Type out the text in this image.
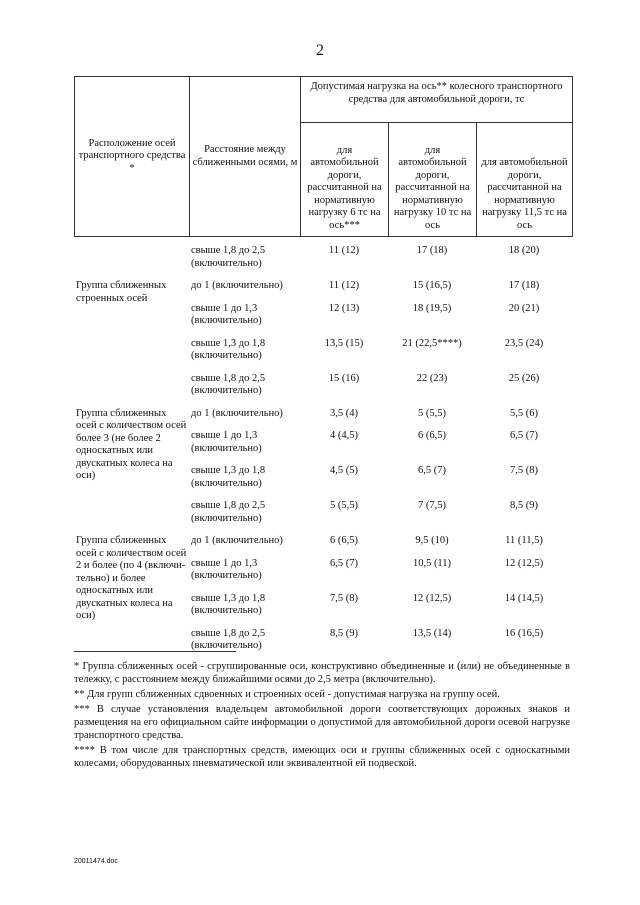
2
Расположение осей транспортного средства *	Расстояние между сближенными осями, м	Допустимая нагрузка на ось** колесного транспортного средства для автомобильной дороги, тс		
		для автомобильной дороги, рассчитанной на нормативную нагрузку 6 тс на ось***	для автомобильной дороги, рассчитанной на нормативную нагрузку 10 тс на ось	для автомобильной дороги, рассчитанной на нормативную нагрузку 11,5 тс на ось
	свыше 1,8 до 2,5 (включительно)	11 (12)	17 (18)	18 (20)
Группа сближенных строенных осей	до 1 (включительно)	11 (12)	15 (16,5)	17 (18)
	свыше 1 до 1,3 (включительно)	12 (13)	18 (19,5)	20 (21)
	свыше 1,3 до 1,8 (включительно)	13,5 (15)	21 (22,5****)	23,5 (24)
	свыше 1,8 до 2,5 (включительно)	15 (16)	22 (23)	25 (26)
Группа сближенных осей с количеством осей более 3 (не более 2 односкатных или двускатных колеса на оси)	до 1 (включительно)	3,5 (4)	5 (5,5)	5,5 (6)
	свыше 1 до 1,3 (включительно)	4 (4,5)	6 (6,5)	6,5 (7)
	свыше 1,3 до 1,8 (включительно)	4,5 (5)	6,5 (7)	7,5 (8)
	свыше 1,8 до 2,5 (включительно)	5 (5,5)	7 (7,5)	8,5 (9)
Группа сближенных осей с количеством осей 2 и более (по 4 (включи-тельно) и более односкатных или двускатных колеса на оси)	до 1 (включительно)	6 (6,5)	9,5 (10)	11 (11,5)
	свыше 1 до 1,3 (включительно)	6,5 (7)	10,5 (11)	12 (12,5)
	свыше 1,3 до 1,8 (включительно)	7,5 (8)	12 (12,5)	14 (14,5)
	свыше 1,8 до 2,5 (включительно)	8,5 (9)	13,5 (14)	16 (16,5)

* Группа сближенных осей - сгруппированные оси, конструктивно объединенные и (или) не объединенные в тележку, с расстоянием между ближайшими осями до 2,5 метра (включительно).

** Для групп сближенных сдвоенных и строенных осей - допустимая нагрузка на группу осей.

*** В случае установления владельцем автомобильной дороги соответствующих дорожных знаков и размещения на его официальном сайте информации о допустимой для автомобильной дороги осевой нагрузке транспортного средства.

**** В том числе для транспортных средств, имеющих оси и группы сближенных осей с односкатными колесами, оборудованных пневматической или эквивалентной ей подвеской.

20011474.doc
